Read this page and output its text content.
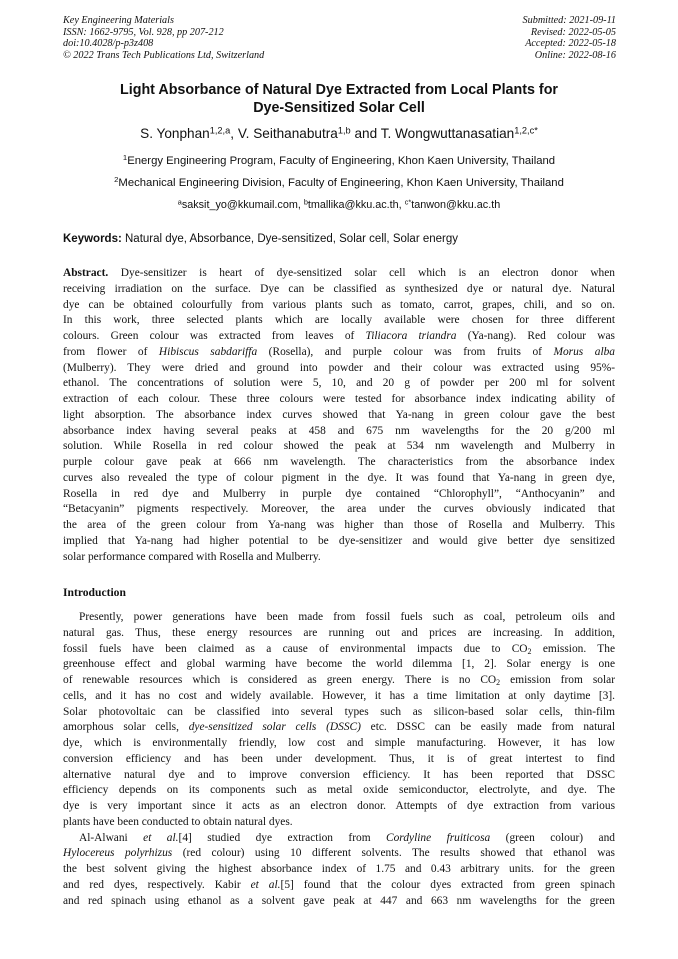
Key Engineering Materials
ISSN: 1662-9795, Vol. 928, pp 207-212
doi:10.4028/p-p3z408
© 2022 Trans Tech Publications Ltd, Switzerland
Submitted: 2021-09-11
Revised: 2022-05-05
Accepted: 2022-05-18
Online: 2022-08-16
Light Absorbance of Natural Dye Extracted from Local Plants for
Dye-Sensitized Solar Cell
S. Yonphan$^{1,2,a}$, V. Seithanabutra$^{1,b}$ and T. Wongwuttanasatian$^{1,2,c*}$
$^1$Energy Engineering Program, Faculty of Engineering, Khon Kaen University, Thailand
$^2$Mechanical Engineering Division, Faculty of Engineering, Khon Kaen University, Thailand
$^a$saksit_yo@kkumail.com, $^b$tmallika@kku.ac.th, $^{c*}$tanwon@kku.ac.th
Keywords: Natural dye, Absorbance, Dye-sensitized, Solar cell, Solar energy
Abstract. Dye-sensitizer is heart of dye-sensitized solar cell which is an electron donor when
receiving irradiation on the surface. Dye can be classified as synthesized dye or natural dye. Natural
dye can be obtained colourfully from various plants such as tomato, carrot, grapes, chili, and so on.
In this work, three selected plants which are locally available were chosen for three different
colours. Green colour was extracted from leaves of Tiliacora triandra (Ya-nang). Red colour was
from flower of Hibiscus sabdariffa (Rosella), and purple colour was from fruits of Morus alba
(Mulberry). They were dried and ground into powder and their colour was extracted using 95%-
ethanol. The concentrations of solution were 5, 10, and 20 g of powder per 200 ml for solvent
extraction of each colour. These three colours were tested for absorbance index indicating ability of
light absorption. The absorbance index curves showed that Ya-nang in green colour gave the best
absorbance index having several peaks at 458 and 675 nm wavelengths for the 20 g/200 ml
solution. While Rosella in red colour showed the peak at 534 nm wavelength and Mulberry in
purple colour gave peak at 666 nm wavelength. The characteristics from the absorbance index
curves also revealed the type of colour pigment in the dye. It was found that Ya-nang in green dye,
Rosella in red dye and Mulberry in purple dye contained “Chlorophyll”, “Anthocyanin” and
“Betacyanin” pigments respectively. Moreover, the area under the curves obviously indicated that
the area of the green colour from Ya-nang was higher than those of Rosella and Mulberry. This
implied that Ya-nang had higher potential to be dye-sensitizer and would give better dye sensitized
solar performance compared with Rosella and Mulberry.
Introduction
Presently, power generations have been made from fossil fuels such as coal, petroleum oils and
natural gas. Thus, these energy resources are running out and prices are increasing. In addition,
fossil fuels have been claimed as a cause of environmental impacts due to $CO_2$ emission. The
greenhouse effect and global warming have become the world dilemma [1, 2]. Solar energy is one
of renewable resources which is considered as green energy. There is no $CO_2$ emission from solar
cells, and it has no cost and widely available. However, it has a time limitation at only daytime [3].
Solar photovoltaic can be classified into several types such as silicon-based solar cells, thin-film
amorphous solar cells, dye-sensitized solar cells (DSSC) etc. DSSC can be easily made from natural
dye, which is environmentally friendly, low cost and simple manufacturing. However, it has low
conversion efficiency and has been under development. Thus, it is of great intertest to find
alternative natural dye and to improve conversion efficiency. It has been reported that DSSC
efficiency depends on its components such as metal oxide semiconductor, electrolyte, and dye. The
dye is very important since it acts as an electron donor. Attempts of dye extraction from various
plants have been conducted to obtain natural dyes.
Al-Alwani et al.[4] studied dye extraction from Cordyline fruiticosa (green colour) and
Hylocereus polyrhizus (red colour) using 10 different solvents. The results showed that ethanol was
the best solvent giving the highest absorbance index of 1.75 and 0.43 arbitrary units. for the green
and red dyes, respectively. Kabir et al.[5] found that the colour dyes extracted from green spinach
and red spinach using ethanol as a solvent gave peak at 447 and 663 nm wavelengths for the green
